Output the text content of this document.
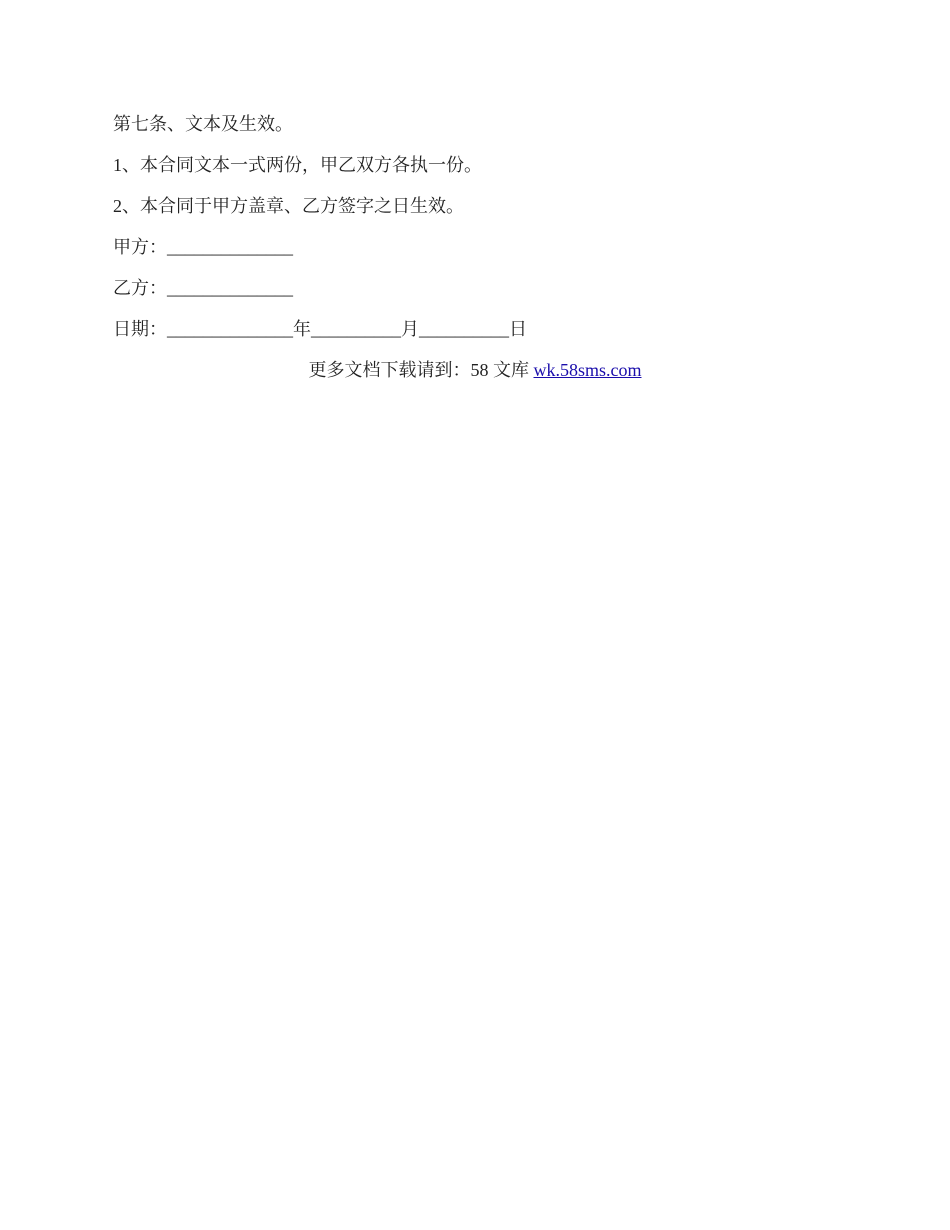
第七条、文本及生效。

1、本合同文本一式两份，甲乙双方各执一份。

2、本合同于甲方盖章、乙方签字之日生效。

甲方：______________

乙方：______________

日期：______________年__________月__________日

更多文档下载请到：58 文库 wk.58sms.com
